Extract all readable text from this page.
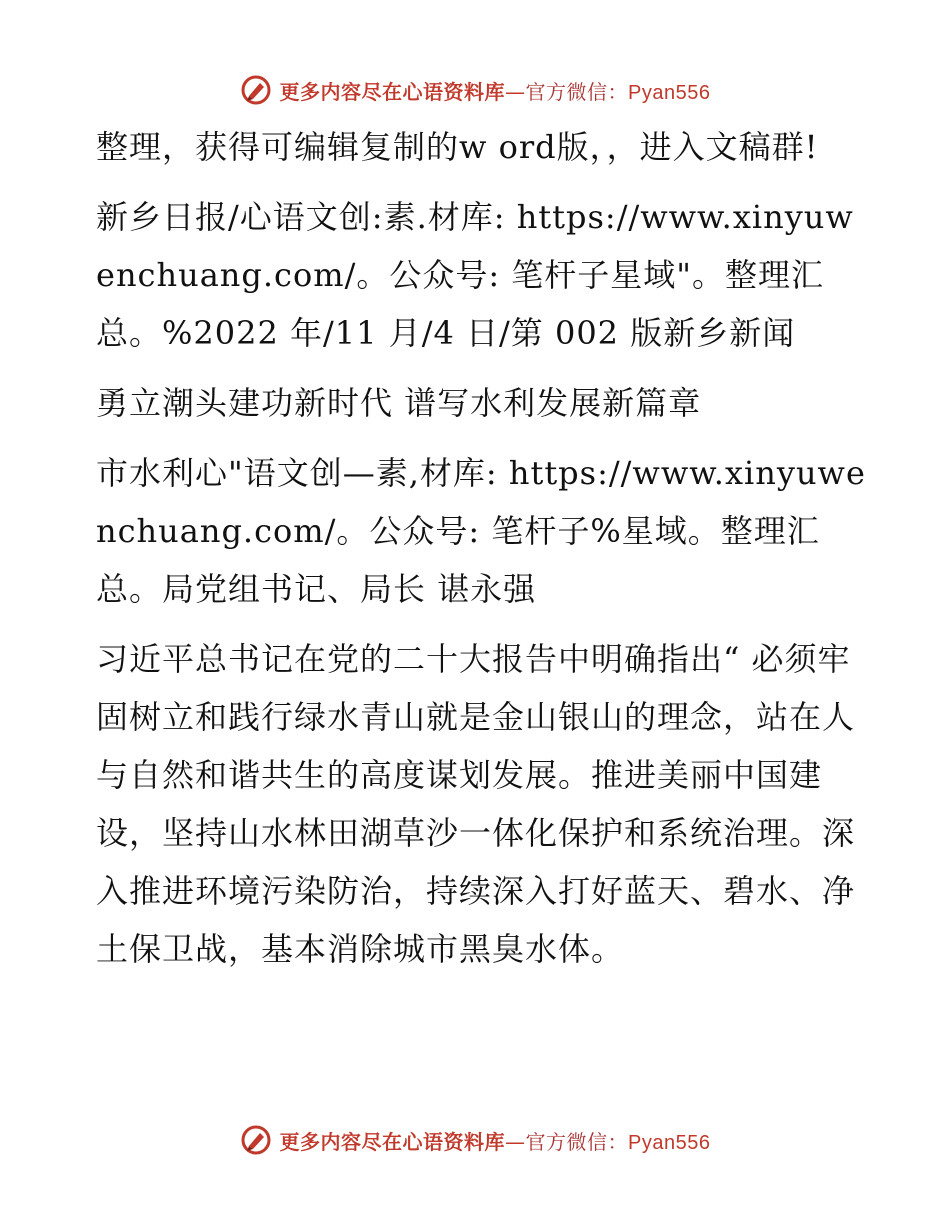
更多内容尽在心语资料库—官方微信：Pyan556

整理，获得可编辑复制的w ord版，，进入文稿群!

新乡日报/心语文创:素.材库: https://www.xinyuwenchuang.com/。公众号: 笔杆子星域"。整理汇总。%2022 年/11 月/4 日/第 002 版新乡新闻

勇立潮头建功新时代 谱写水利发展新篇章

市水利心"语文创—素,材库: https://www.xinyuwenchuang.com/。公众号: 笔杆子%星域。整理汇总。局党组书记、局长 谌永强

习近平总书记在党的二十大报告中明确指出“ 必须牢固树立和践行绿水青山就是金山银山的理念，站在人与自然和谐共生的高度谋划发展。推进美丽中国建设，坚持山水林田湖草沙一体化保护和系统治理。深入推进环境污染防治，持续深入打好蓝天、碧水、净土保卫战，基本消除城市黑臭水体。

更多内容尽在心语资料库—官方微信：Pyan556
